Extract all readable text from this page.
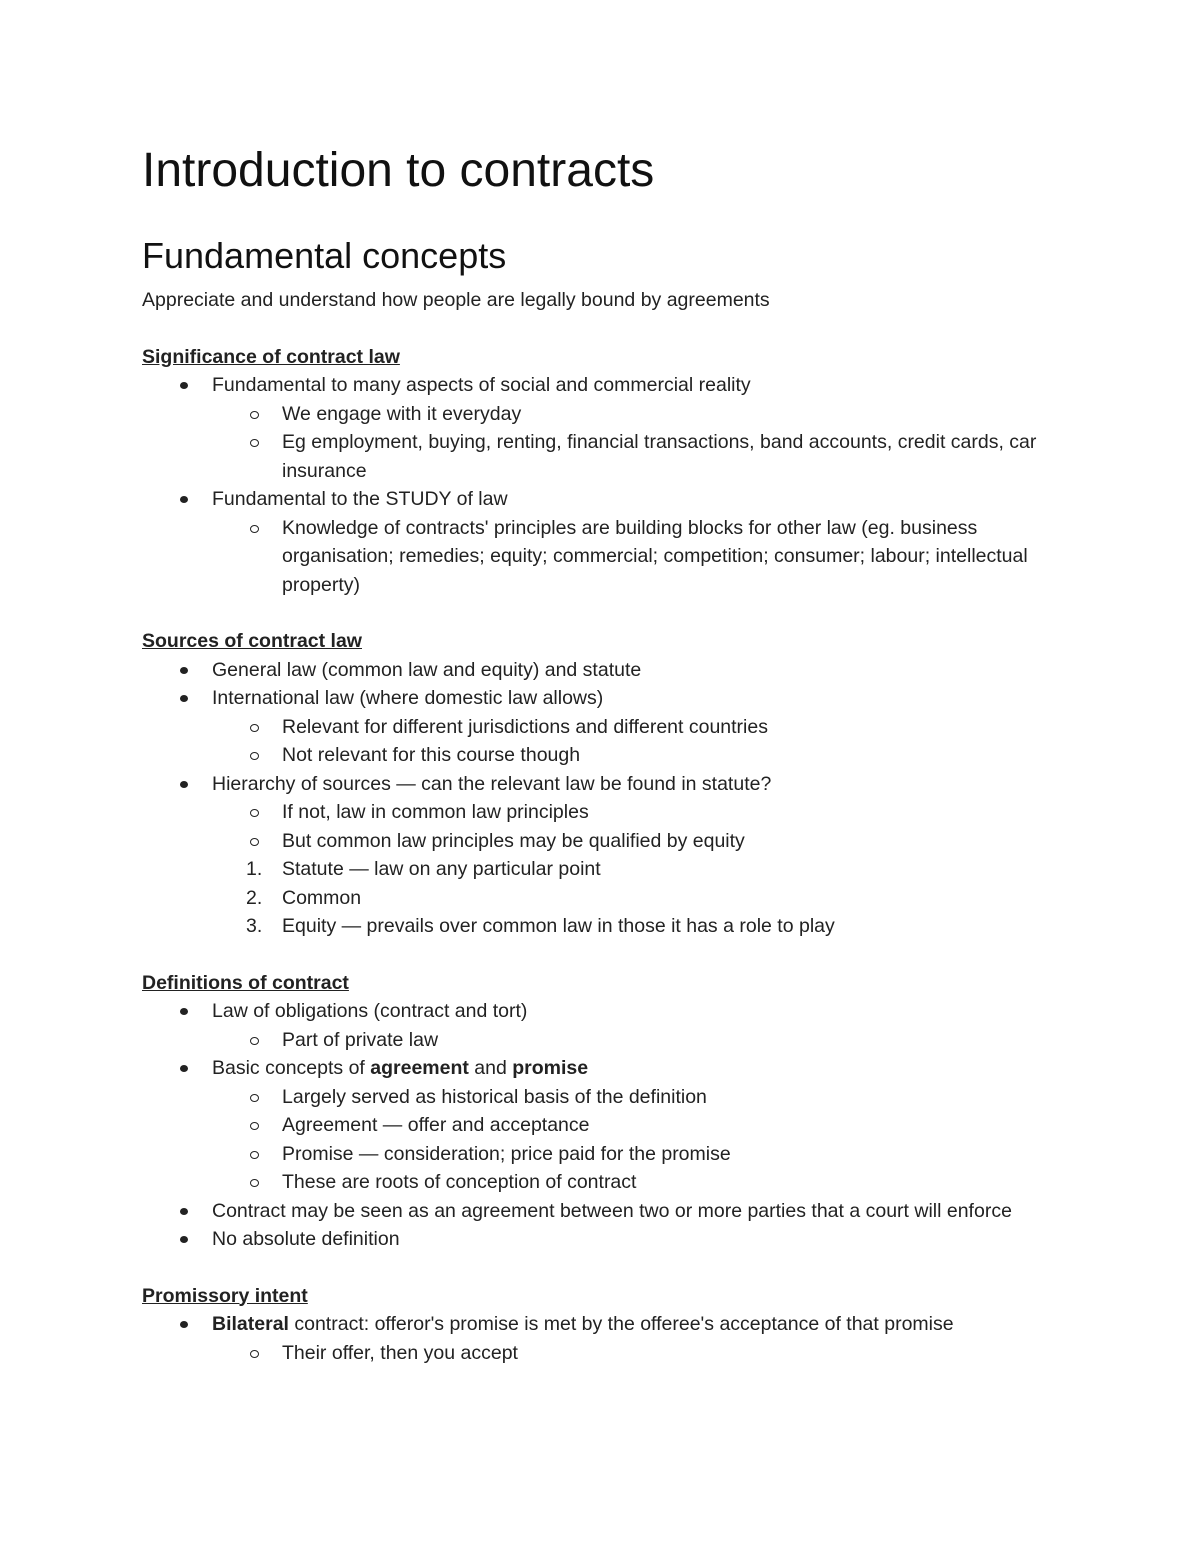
Introduction to contracts
Fundamental concepts

Appreciate and understand how people are legally bound by agreements

Significance of contract law

Fundamental to many aspects of social and commercial reality
We engage with it everyday
Eg employment, buying, renting, financial transactions, band accounts, credit cards, car insurance
Fundamental to the STUDY of law
Knowledge of contracts' principles are building blocks for other law (eg. business organisation; remedies; equity; commercial; competition; consumer; labour; intellectual property)

Sources of contract law

General law (common law and equity) and statute
International law (where domestic law allows)
Relevant for different jurisdictions and different countries
Not relevant for this course though
Hierarchy of sources — can the relevant law be found in statute?
If not, law in common law principles
But common law principles may be qualified by equity
1. Statute — law on any particular point
2. Common
3. Equity — prevails over common law in those it has a role to play

Definitions of contract

Law of obligations (contract and tort)
Part of private law
Basic concepts of agreement and promise
Largely served as historical basis of the definition
Agreement — offer and acceptance
Promise — consideration; price paid for the promise
These are roots of conception of contract
Contract may be seen as an agreement between two or more parties that a court will enforce
No absolute definition

Promissory intent

Bilateral contract: offeror's promise is met by the offeree's acceptance of that promise
Their offer, then you accept
